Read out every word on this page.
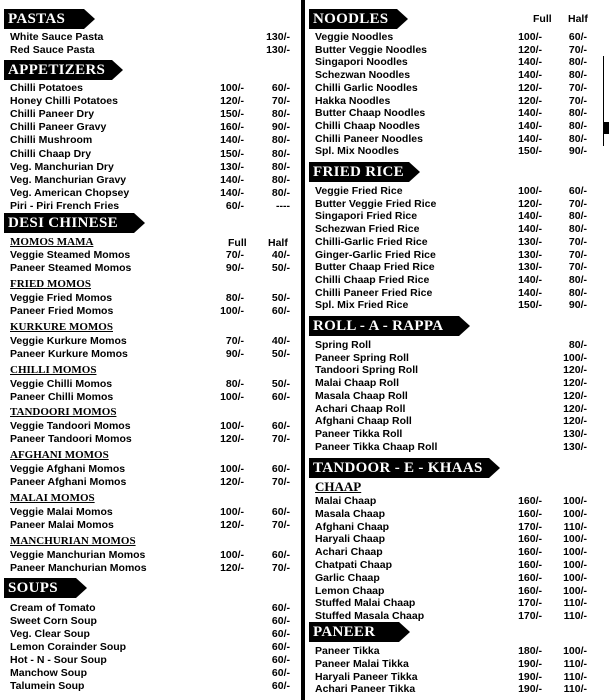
PASTAS
White Sauce Pasta	130/-
Red Sauce Pasta	130/-
APPETIZERS
Chilli Potatoes	100/-	60/-
Honey Chilli Potatoes	120/-	70/-
Chilli Paneer Dry	150/-	80/-
Chilli Paneer Gravy	160/-	90/-
Chilli Mushroom	140/-	80/-
Chilli Chaap Dry	150/-	80/-
Veg. Manchurian Dry	130/-	80/-
Veg. Manchurian Gravy	140/-	80/-
Veg. American Chopsey	140/-	80/-
Piri - Piri French Fries	60/-	----
DESI CHINESE
MOMOS MAMA	Full Half
Veggie Steamed Momos	70/-	40/-
Paneer Steamed Momos	90/-	50/-
FRIED MOMOS
Veggie Fried Momos	80/-	50/-
Paneer Fried Momos	100/-	60/-
KURKURE MOMOS
Veggie Kurkure Momos	70/-	40/-
Paneer Kurkure Momos	90/-	50/-
CHILLI MOMOS
Veggie Chilli Momos	80/-	50/-
Paneer Chilli Momos	100/-	60/-
TANDOORI MOMOS
Veggie Tandoori Momos	100/-	60/-
Paneer Tandoori Momos	120/-	70/-
AFGHANI MOMOS
Veggie Afghani Momos	100/-	60/-
Paneer Afghani Momos	120/-	70/-
MALAI MOMOS
Veggie Malai Momos	100/-	60/-
Paneer Malai Momos	120/-	70/-
MANCHURIAN MOMOS
Veggie Manchurian Momos	100/-	60/-
Paneer Manchurian Momos	120/-	70/-
SOUPS
Cream of Tomato	60/-
Sweet Corn Soup	60/-
Veg. Clear Soup	60/-
Lemon Corainder Soup	60/-
Hot - N - Sour Soup	60/-
Manchow Soup	60/-
Talumein Soup	60/-
NOODLES	Full Half
Veggie Noodles	100/-	60/-
Butter Veggie Noodles	120/-	70/-
Singapori Noodles	140/-	80/-
Schezwan Noodles	140/-	80/-
Chilli Garlic Noodles	120/-	70/-
Hakka Noodles	120/-	70/-
Butter Chaap Noodles	140/-	80/-
Chilli Chaap Noodles	140/-	80/-
Chilli Paneer Noodles	140/-	80/-
Spl. Mix Noodles	150/-	90/-
FRIED RICE
Veggie Fried Rice	100/-	60/-
Butter Veggie Fried Rice	120/-	70/-
Singapori Fried Rice	140/-	80/-
Schezwan Fried Rice	140/-	80/-
Chilli-Garlic Fried Rice	130/-	70/-
Ginger-Garlic Fried Rice	130/-	70/-
Butter Chaap Fried Rice	130/-	70/-
Chilli Chaap Fried Rice	140/-	80/-
Chilli Paneer Fried Rice	140/-	80/-
Spl. Mix Fried Rice	150/-	90/-
ROLL - A - RAPPA
Spring Roll	80/-
Paneer Spring Roll	100/-
Tandoori Spring Roll	120/-
Malai Chaap Roll	120/-
Masala Chaap Roll	120/-
Achari Chaap Roll	120/-
Afghani Chaap Roll	120/-
Paneer Tikka Roll	130/-
Paneer Tikka Chaap Roll	130/-
TANDOOR - E - KHAAS
CHAAP
Malai Chaap	160/- 100/-
Masala Chaap	160/- 100/-
Afghani Chaap	170/- 110/-
Haryali Chaap	160/- 100/-
Achari Chaap	160/- 100/-
Chatpati Chaap	160/- 100/-
Garlic Chaap	160/- 100/-
Lemon Chaap	160/- 100/-
Stuffed Malai Chaap	170/- 110/-
Stuffed Masala Chaap	170/- 110/-
PANEER
Paneer Tikka	180/- 100/-
Paneer Malai Tikka	190/- 110/-
Haryali Paneer Tikka	190/- 110/-
Achari Paneer Tikka	190/- 110/-
